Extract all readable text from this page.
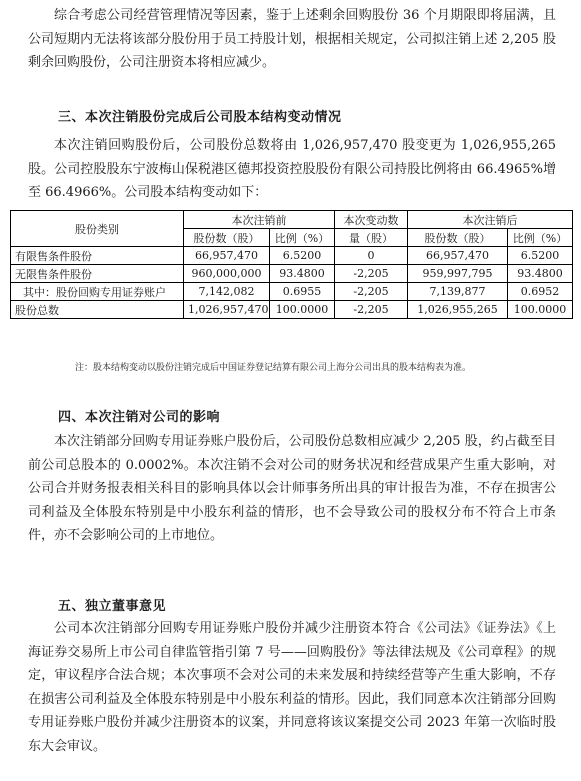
综合考虑公司经营管理情况等因素，鉴于上述剩余回购股份 36 个月期限即将届满，且公司短期内无法将该部分股份用于员工持股计划，根据相关规定，公司拟注销上述 2,205 股剩余回购股份，公司注册资本将相应减少。

三、本次注销股份完成后公司股本结构变动情况

本次注销回购股份后，公司股份总数将由 1,026,957,470 股变更为 1,026,955,265 股。公司控股股东宁波梅山保税港区德邦投资控股股份有限公司持股比例将由 66.4965%增至 66.4966%。公司股本结构变动如下：

股份类别	本次注销前		本次变动数	本次注销后	
	股份数（股）	比例（%）	量（股）	股份数（股）	比例（%）
有限售条件股份	66,957,470	6.5200	0	66,957,470	6.5200
无限售条件股份	960,000,000	93.4800	-2,205	959,997,795	93.4800
其中：股份回购专用证券账户	7,142,082	0.6955	-2,205	7,139,877	0.6952
股份总数	1,026,957,470	100.0000	-2,205	1,026,955,265	100.0000

注：股本结构变动以股份注销完成后中国证券登记结算有限公司上海分公司出具的股本结构表为准。

四、本次注销对公司的影响

本次注销部分回购专用证券账户股份后，公司股份总数相应减少 2,205 股，约占截至目前公司总股本的 0.0002%。本次注销不会对公司的财务状况和经营成果产生重大影响，对公司合并财务报表相关科目的影响具体以会计师事务所出具的审计报告为准，不存在损害公司利益及全体股东特别是中小股东利益的情形，也不会导致公司的股权分布不符合上市条件，亦不会影响公司的上市地位。

五、独立董事意见

公司本次注销部分回购专用证券账户股份并减少注册资本符合《公司法》《证券法》《上海证券交易所上市公司自律监管指引第 7 号——回购股份》等法律法规及《公司章程》的规定，审议程序合法合规；本次事项不会对公司的未来发展和持续经营等产生重大影响，不存在损害公司利益及全体股东特别是中小股东利益的情形。因此，我们同意本次注销部分回购专用证券账户股份并减少注册资本的议案，并同意将该议案提交公司 2023 年第一次临时股东大会审议。
